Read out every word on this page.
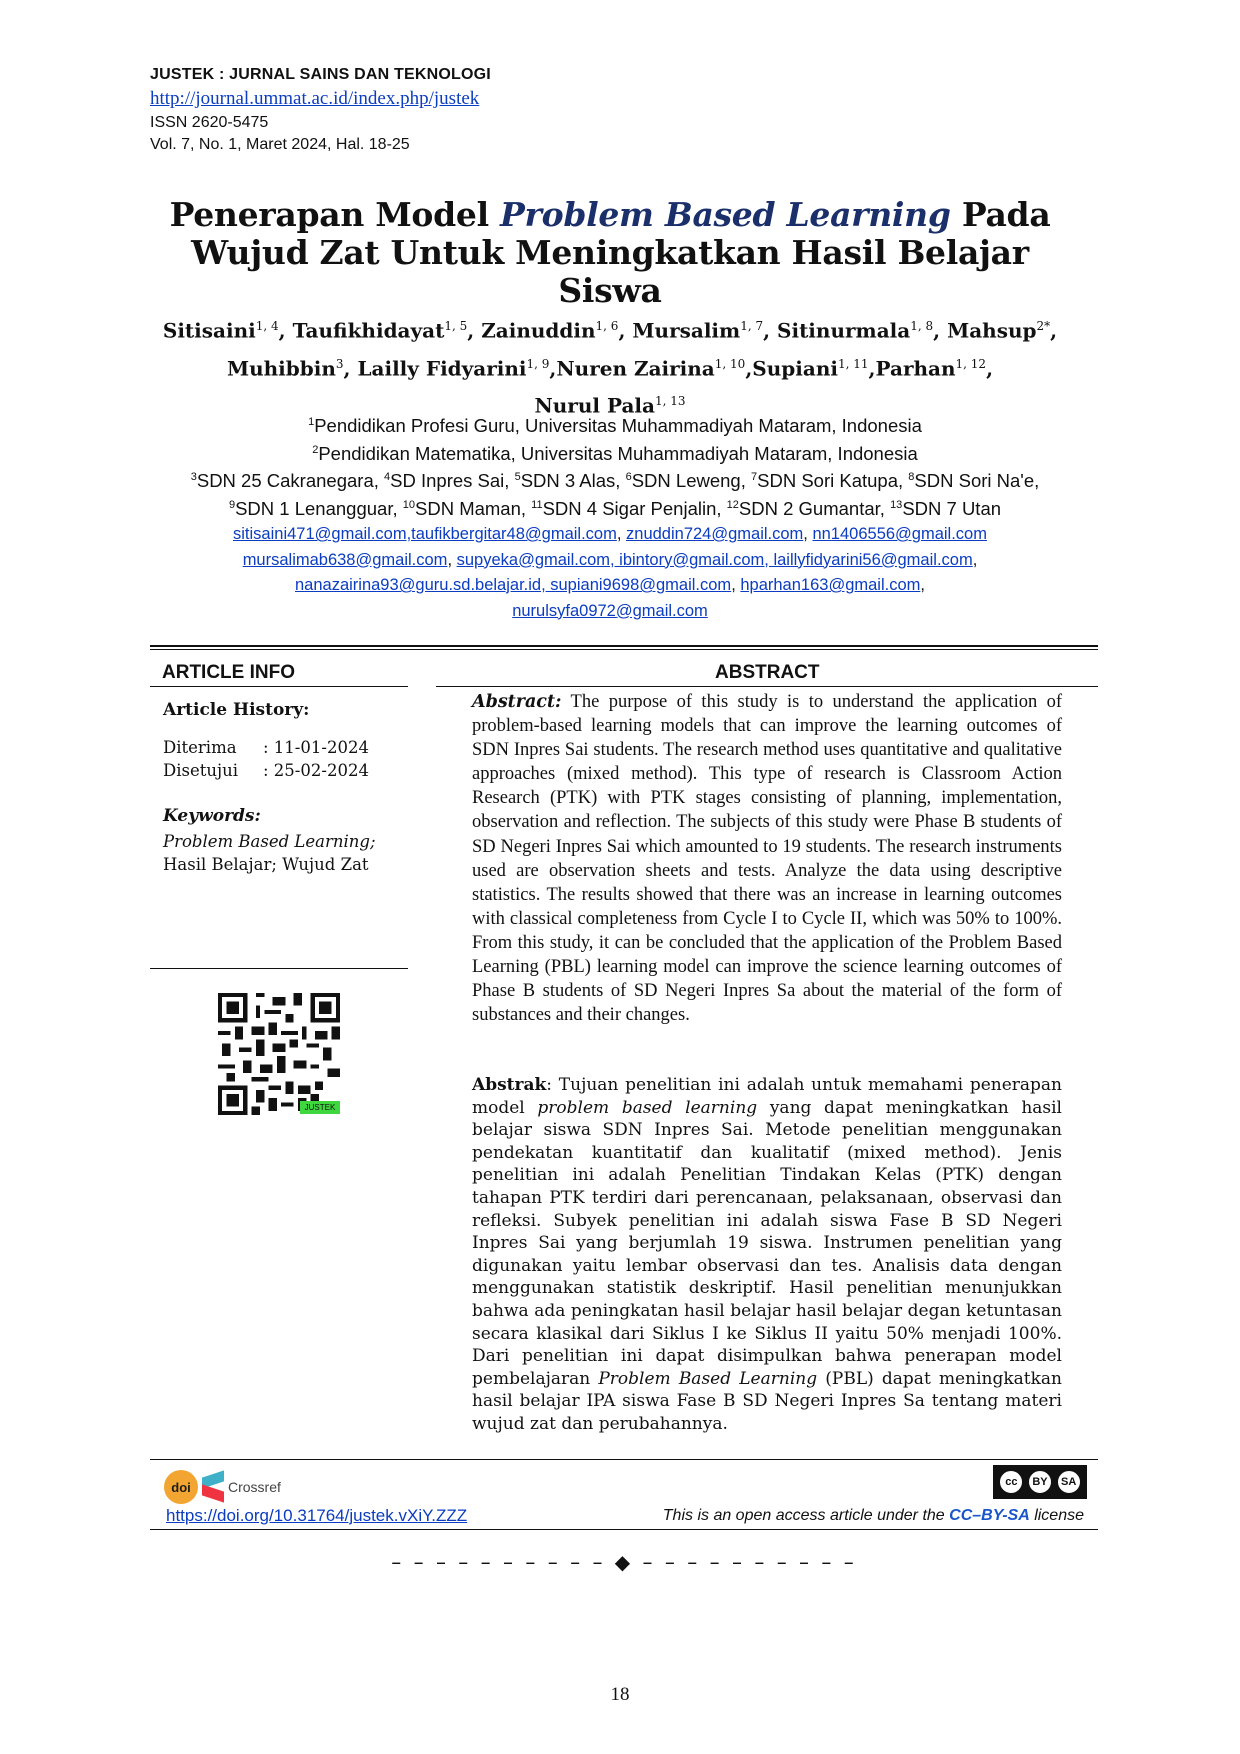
JUSTEK : JURNAL SAINS DAN TEKNOLOGI
http://journal.ummat.ac.id/index.php/justek
ISSN 2620-5475
Vol. 7, No. 1, Maret 2024, Hal. 18-25
Penerapan Model Problem Based Learning Pada
Wujud Zat Untuk Meningkatkan Hasil Belajar Siswa
Sitisaini$^{1, 4}$, Taufikhidayat$^{1, 5}$, Zainuddin$^{1, 6}$, Mursalim$^{1, 7}$, Sitinurmala$^{1, 8}$, Mahsup$^{2*}$,
Muhibbin$^3$, Lailly Fidyarini$^{1, 9}$,Nuren Zairina$^{1, 10}$,Supiani$^{1, 11}$,Parhan$^{1, 12}$,
Nurul Pala$^{1, 13}$
$^1$Pendidikan Profesi Guru, Universitas Muhammadiyah Mataram, Indonesia
$^2$Pendidikan Matematika, Universitas Muhammadiyah Mataram, Indonesia
$^3$SDN 25 Cakranegara, $^4$SD Inpres Sai, $^5$SDN 3 Alas, $^6$SDN Leweng, $^7$SDN Sori Katupa, $^8$SDN Sori Na'e,
$^9$SDN 1 Lenangguar, $^{10}$SDN Maman, $^{11}$SDN 4 Sigar Penjalin, $^{12}$SDN 2 Gumantar, $^{13}$SDN 7 Utan
sitisaini471@gmail.com,taufikbergitar48@gmail.com, znuddin724@gmail.com, nn1406556@gmail.com
mursalimab638@gmail.com, supyeka@gmail.com, ibintory@gmail.com, laillyfidyarini56@gmail.com,
nanazairina93@guru.sd.belajar.id, supiani9698@gmail.com, hparhan163@gmail.com,
nurulsyfa0972@gmail.com
ARTICLE INFO
Article History:
Diterima : 11-01-2024
Disetujui : 25-02-2024
Keywords:
Problem Based Learning;
Hasil Belajar; Wujud Zat
JUSTEK
ABSTRACT
Abstract: The purpose of this study is to understand the application of problem-based learning models that can improve the learning outcomes of SDN Inpres Sai students. The research method uses quantitative and qualitative approaches (mixed method). This type of research is Classroom Action Research (PTK) with PTK stages consisting of planning, implementation, observation and reflection. The subjects of this study were Phase B students of SD Negeri Inpres Sai which amounted to 19 students. The research instruments used are observation sheets and tests. Analyze the data using descriptive statistics. The results showed that there was an increase in learning outcomes with classical completeness from Cycle I to Cycle II, which was 50% to 100%. From this study, it can be concluded that the application of the Problem Based Learning (PBL) learning model can improve the science learning outcomes of Phase B students of SD Negeri Inpres Sa about the material of the form of substances and their changes.
Abstrak: Tujuan penelitian ini adalah untuk memahami penerapan model problem based learning yang dapat meningkatkan hasil belajar siswa SDN Inpres Sai. Metode penelitian menggunakan pendekatan kuantitatif dan kualitatif (mixed method). Jenis penelitian ini adalah Penelitian Tindakan Kelas (PTK) dengan tahapan PTK terdiri dari perencanaan, pelaksanaan, observasi dan refleksi. Subyek penelitian ini adalah siswa Fase B SD Negeri Inpres Sai yang berjumlah 19 siswa. Instrumen penelitian yang digunakan yaitu lembar observasi dan tes. Analisis data dengan menggunakan statistik deskriptif. Hasil penelitian menunjukkan bahwa ada peningkatan hasil belajar hasil belajar degan ketuntasan secara klasikal dari Siklus I ke Siklus II yaitu 50% menjadi 100%. Dari penelitian ini dapat disimpulkan bahwa penerapan model pembelajaran Problem Based Learning (PBL) dapat meningkatkan hasil belajar IPA siswa Fase B SD Negeri Inpres Sa tentang materi wujud zat dan perubahannya.
doi	Crossref	cc	BY	SA
https://doi.org/10.31764/justek.vXiY.ZZZ	This is an open access article under the CC–BY-SA license
– – – – – – – – – – ◆ – – – – – – – – – –
18
